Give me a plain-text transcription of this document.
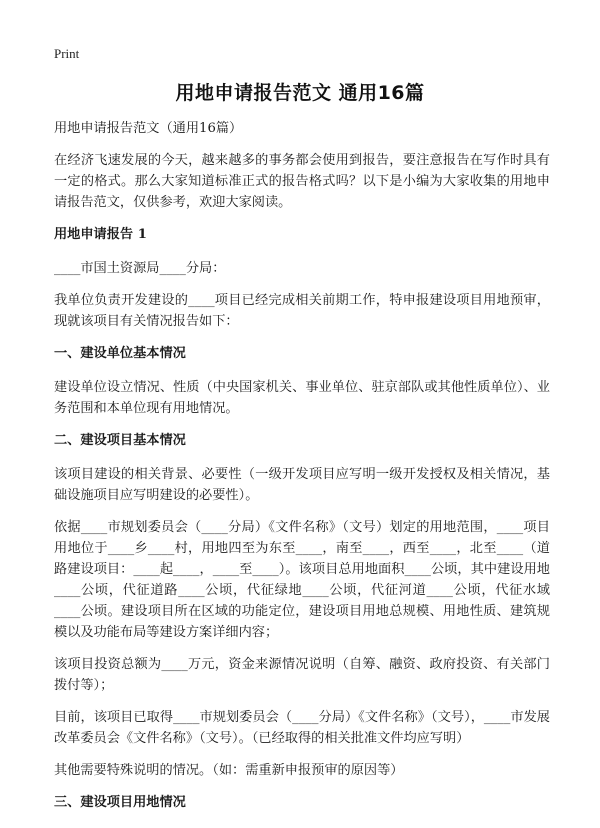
Print
用地申请报告范文 通用16篇

用地申请报告范文（通用16篇）

在经济飞速发展的今天，越来越多的事务都会使用到报告，要注意报告在写作时具有一定的格式。那么大家知道标准正式的报告格式吗？以下是小编为大家收集的用地申请报告范文，仅供参考，欢迎大家阅读。

用地申请报告 1

____市国土资源局____分局：

我单位负责开发建设的____项目已经完成相关前期工作，特申报建设项目用地预审，现就该项目有关情况报告如下：

一、建设单位基本情况

建设单位设立情况、性质（中央国家机关、事业单位、驻京部队或其他性质单位）、业务范围和本单位现有用地情况。

二、建设项目基本情况

该项目建设的相关背景、必要性（一级开发项目应写明一级开发授权及相关情况，基础设施项目应写明建设的必要性）。

依据____市规划委员会（____分局）《文件名称》（文号）划定的用地范围，____项目用地位于____乡____村，用地四至为东至____，南至____，西至____，北至____（道路建设项目：____起____，____至____）。该项目总用地面积____公顷，其中建设用地____公顷，代征道路____公顷，代征绿地____公顷，代征河道____公顷，代征水域____公顷。建设项目所在区域的功能定位，建设项目用地总规模、用地性质、建筑规模以及功能布局等建设方案详细内容；

该项目投资总额为____万元，资金来源情况说明（自筹、融资、政府投资、有关部门拨付等）；

目前，该项目已取得____市规划委员会（____分局）《文件名称》（文号），____市发展改革委员会《文件名称》（文号）。（已经取得的相关批准文件均应写明）

其他需要特殊说明的情况。（如：需重新申报预审的原因等）

三、建设项目用地情况
